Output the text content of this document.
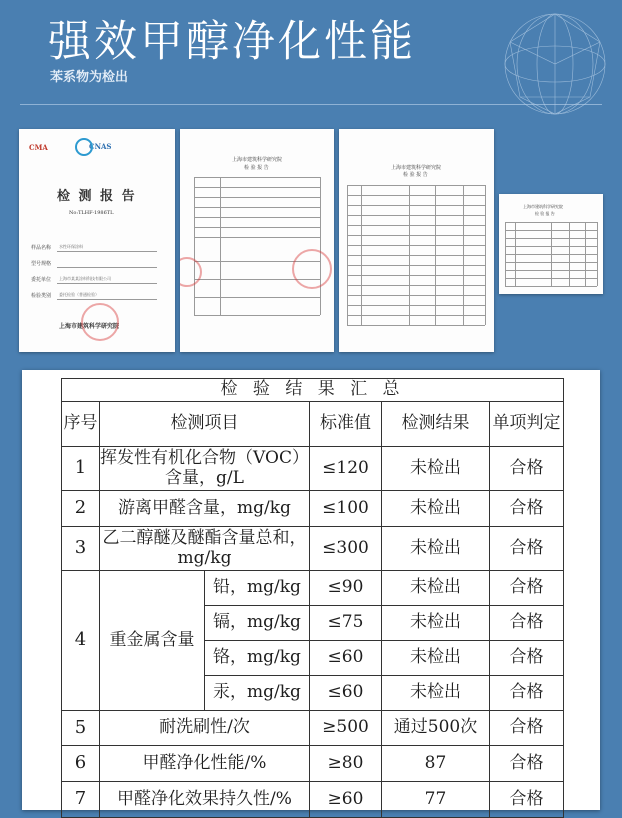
强效甲醇净化性能
苯系物为检出
CMA	CNAS
检 测 报 告
No:TLHF-1986TL
样品名称 水性环保涂料
型号规格
委托单位 上海市某某涂料科技有限公司
检验类别 委托检验（普通检验）
上海市建筑科学研究院
上海市建筑科学研究院
检 验 报 告	上海市建筑科学研究院
检 验 报 告
上海市建筑科学研究院
检 验 报 告
检 验 结 果 汇 总					
序号	检测项目		标准值	检测结果	单项判定
1	挥发性有机化合物（VOC）含量，g/L		≤120	未检出	合格
2	游离甲醛含量，mg/kg		≤100	未检出	合格
3	乙二醇醚及醚酯含量总和，mg/kg		≤300	未检出	合格
4	重金属含量	铅，mg/kg	≤90	未检出	合格
		镉，mg/kg	≤75	未检出	合格
		铬，mg/kg	≤60	未检出	合格
		汞，mg/kg	≤60	未检出	合格
5	耐洗刷性/次		≥500	通过500次	合格
6	甲醛净化性能/%		≥80	87	合格
7	甲醛净化效果持久性/%		≥60	77	合格
